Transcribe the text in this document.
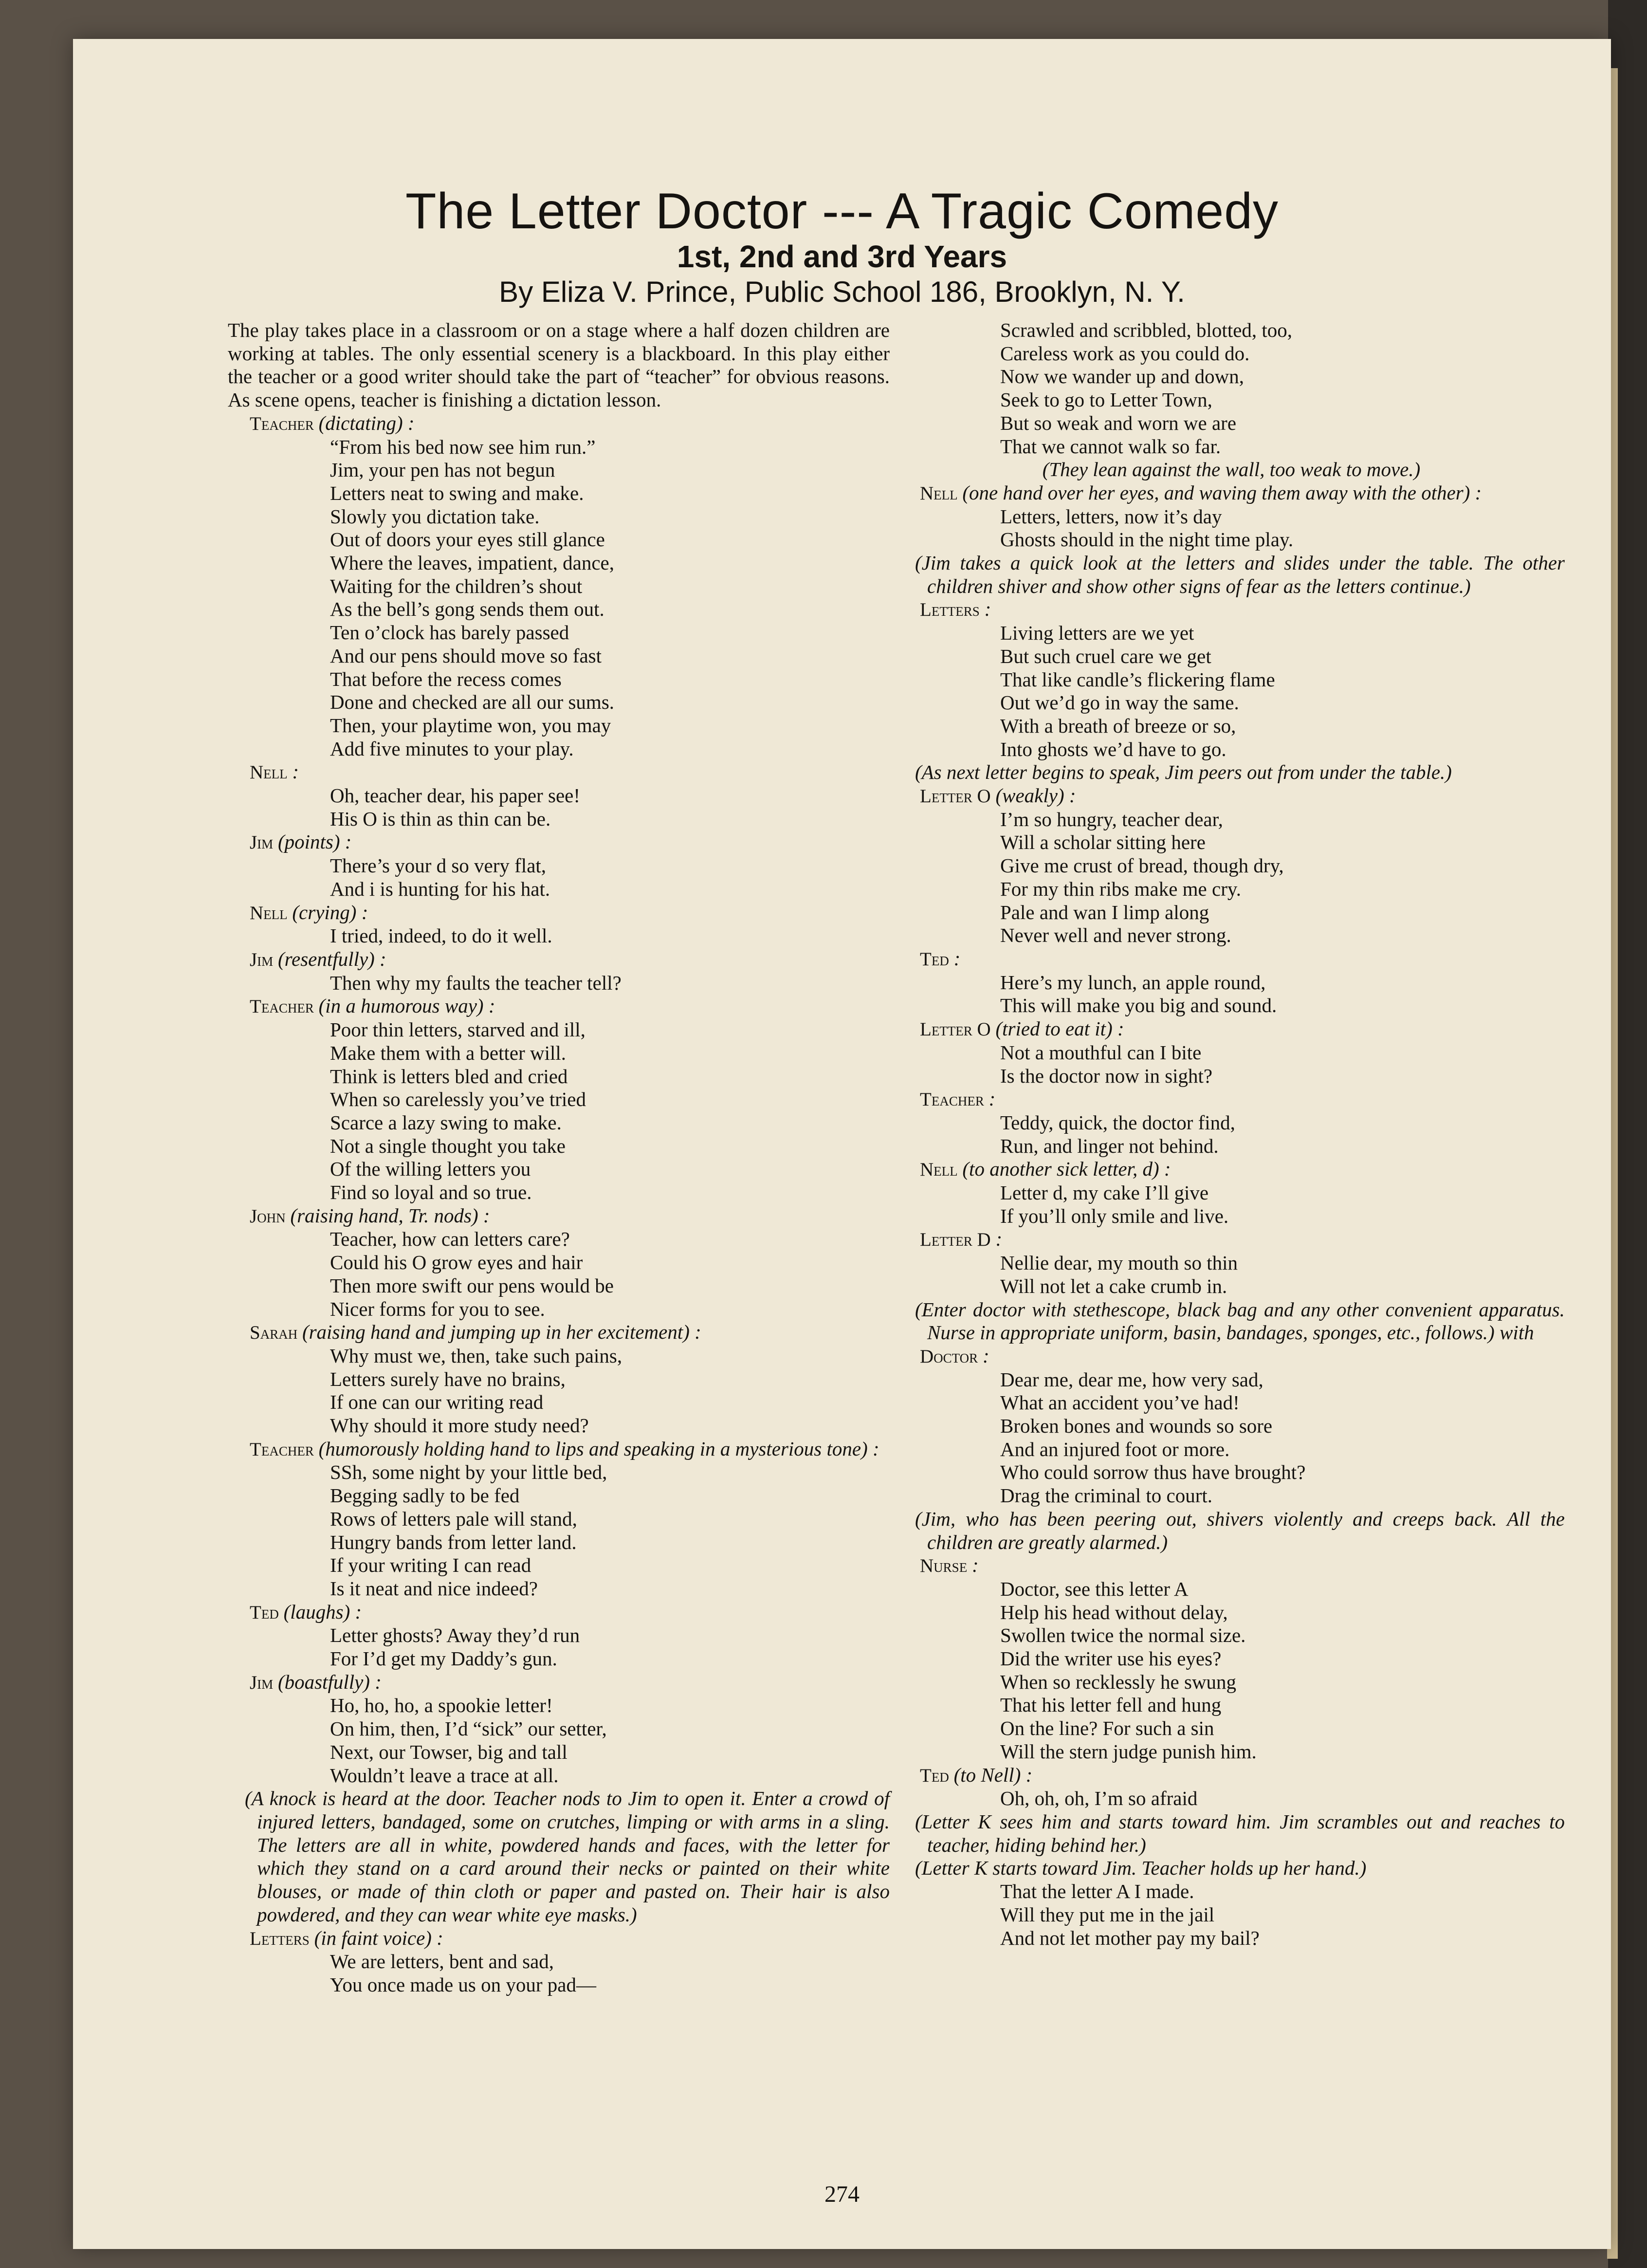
The Letter Doctor --- A Tragic Comedy
1st, 2nd and 3rd Years
By Eliza V. Prince, Public School 186, Brooklyn, N. Y.

The play takes place in a classroom or on a stage where a half dozen children are working at tables. The only essential scenery is a blackboard. In this play either the teacher or a good writer should take the part of “teacher” for obvious reasons. As scene opens, teacher is finishing a dictation lesson.

Teacher (dictating) :

“From his bed now see him run.”

Jim, your pen has not begun

Letters neat to swing and make.

Slowly you dictation take.

Out of doors your eyes still glance

Where the leaves, impatient, dance,

Waiting for the children’s shout

As the bell’s gong sends them out.

Ten o’clock has barely passed

And our pens should move so fast

That before the recess comes

Done and checked are all our sums.

Then, your playtime won, you may

Add five minutes to your play.

Nell :

Oh, teacher dear, his paper see!

His O is thin as thin can be.

Jim (points) :

There’s your d so very flat,

And i is hunting for his hat.

Nell (crying) :

I tried, indeed, to do it well.

Jim (resentfully) :

Then why my faults the teacher tell?

Teacher (in a humorous way) :

Poor thin letters, starved and ill,

Make them with a better will.

Think is letters bled and cried

When so carelessly you’ve tried

Scarce a lazy swing to make.

Not a single thought you take

Of the willing letters you

Find so loyal and so true.

John (raising hand, Tr. nods) :

Teacher, how can letters care?

Could his O grow eyes and hair

Then more swift our pens would be

Nicer forms for you to see.

Sarah (raising hand and jumping up in her excitement) :

Why must we, then, take such pains,

Letters surely have no brains,

If one can our writing read

Why should it more study need?

Teacher (humorously holding hand to lips and speaking in a mysterious tone) :

SSh, some night by your little bed,

Begging sadly to be fed

Rows of letters pale will stand,

Hungry bands from letter land.

If your writing I can read

Is it neat and nice indeed?

Ted (laughs) :

Letter ghosts? Away they’d run

For I’d get my Daddy’s gun.

Jim (boastfully) :

Ho, ho, ho, a spookie letter!

On him, then, I’d “sick” our setter,

Next, our Towser, big and tall

Wouldn’t leave a trace at all.

(A knock is heard at the door. Teacher nods to Jim to open it. Enter a crowd of injured letters, bandaged, some on crutches, limping or with arms in a sling. The letters are all in white, powdered hands and faces, with the letter for which they stand on a card around their necks or painted on their white blouses, or made of thin cloth or paper and pasted on. Their hair is also powdered, and they can wear white eye masks.)

Letters (in faint voice) :

We are letters, bent and sad,

You once made us on your pad—

Scrawled and scribbled, blotted, too,

Careless work as you could do.

Now we wander up and down,

Seek to go to Letter Town,

But so weak and worn we are

That we cannot walk so far.

(They lean against the wall, too weak to move.)

Nell (one hand over her eyes, and waving them away with the other) :

Letters, letters, now it’s day

Ghosts should in the night time play.

(Jim takes a quick look at the letters and slides under the table. The other children shiver and show other signs of fear as the letters continue.)

Letters :

Living letters are we yet

But such cruel care we get

That like candle’s flickering flame

Out we’d go in way the same.

With a breath of breeze or so,

Into ghosts we’d have to go.

(As next letter begins to speak, Jim peers out from under the table.)

Letter O (weakly) :

I’m so hungry, teacher dear,

Will a scholar sitting here

Give me crust of bread, though dry,

For my thin ribs make me cry.

Pale and wan I limp along

Never well and never strong.

Ted :

Here’s my lunch, an apple round,

This will make you big and sound.

Letter O (tried to eat it) :

Not a mouthful can I bite

Is the doctor now in sight?

Teacher :

Teddy, quick, the doctor find,

Run, and linger not behind.

Nell (to another sick letter, d) :

Letter d, my cake I’ll give

If you’ll only smile and live.

Letter D :

Nellie dear, my mouth so thin

Will not let a cake crumb in.

(Enter doctor with stethescope, black bag and any other convenient apparatus. Nurse in appropriate uniform, basin, bandages, sponges, etc., follows.) with

Doctor :

Dear me, dear me, how very sad,

What an accident you’ve had!

Broken bones and wounds so sore

And an injured foot or more.

Who could sorrow thus have brought?

Drag the criminal to court.

(Jim, who has been peering out, shivers violently and creeps back. All the children are greatly alarmed.)

Nurse :

Doctor, see this letter A

Help his head without delay,

Swollen twice the normal size.

Did the writer use his eyes?

When so recklessly he swung

That his letter fell and hung

On the line? For such a sin

Will the stern judge punish him.

Ted (to Nell) :

Oh, oh, oh, I’m so afraid

(Letter K sees him and starts toward him. Jim scrambles out and reaches to teacher, hiding behind her.)

(Letter K starts toward Jim. Teacher holds up her hand.)

That the letter A I made.

Will they put me in the jail

And not let mother pay my bail?

274
